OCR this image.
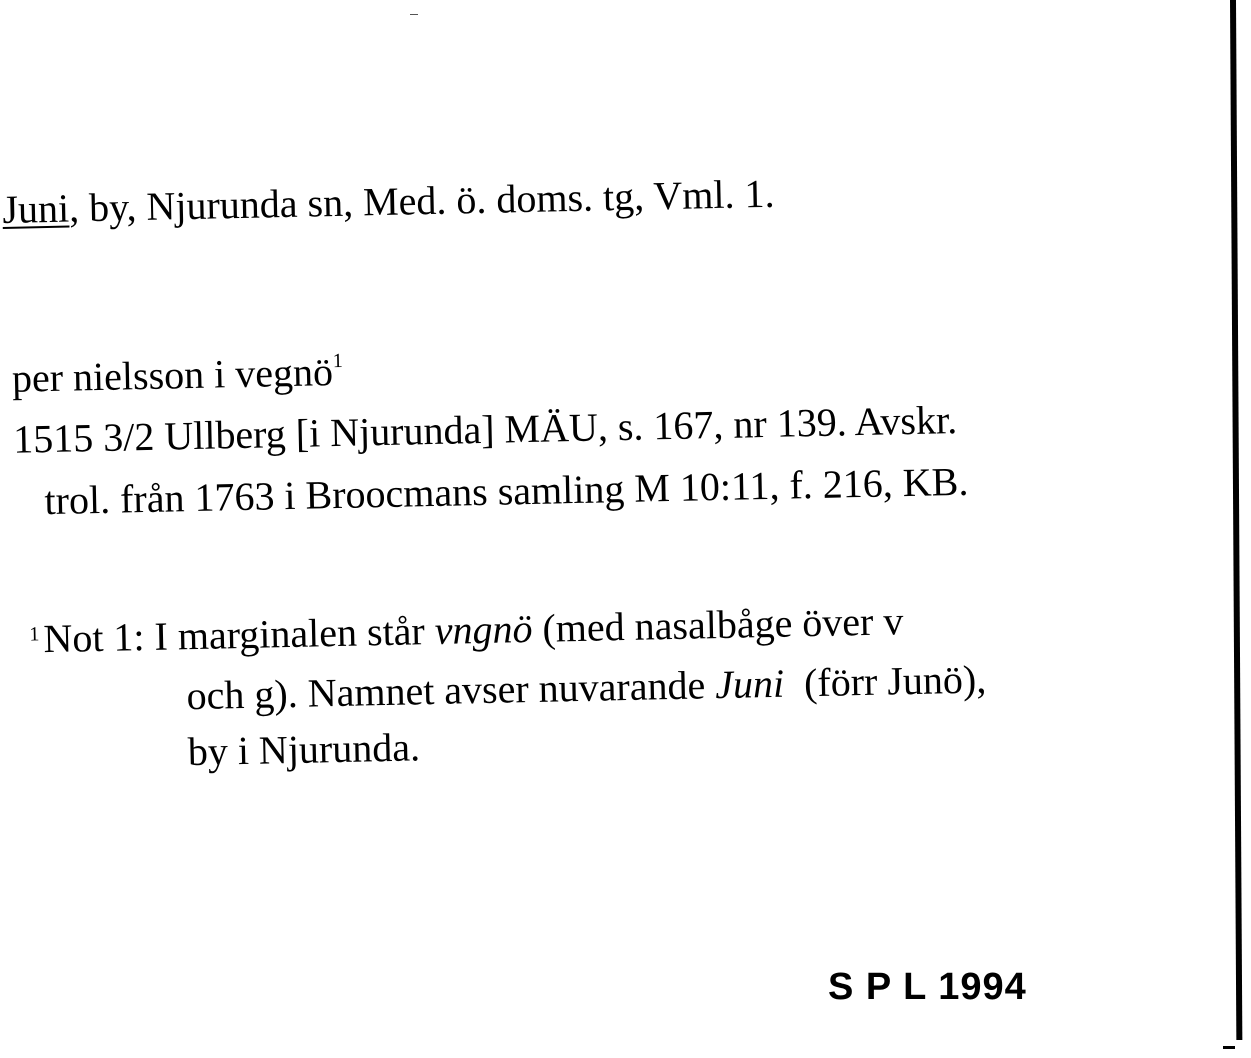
Juni, by, Njurunda sn, Med. ö. doms. tg, Vml. 1.
per nielsson i vegnö$^1$
1515 3/2 Ullberg [i Njurunda] MÄU, s. 167, nr 139. Avskr.
trol. från 1763 i Broocmans samling M 10:11, f. 216, KB.
$^1$Not 1: I marginalen står vngnö (med nasalbåge över v
och g). Namnet avser nuvarande Juni  (förr Junö),
by i Njurunda.
S P L 1994
